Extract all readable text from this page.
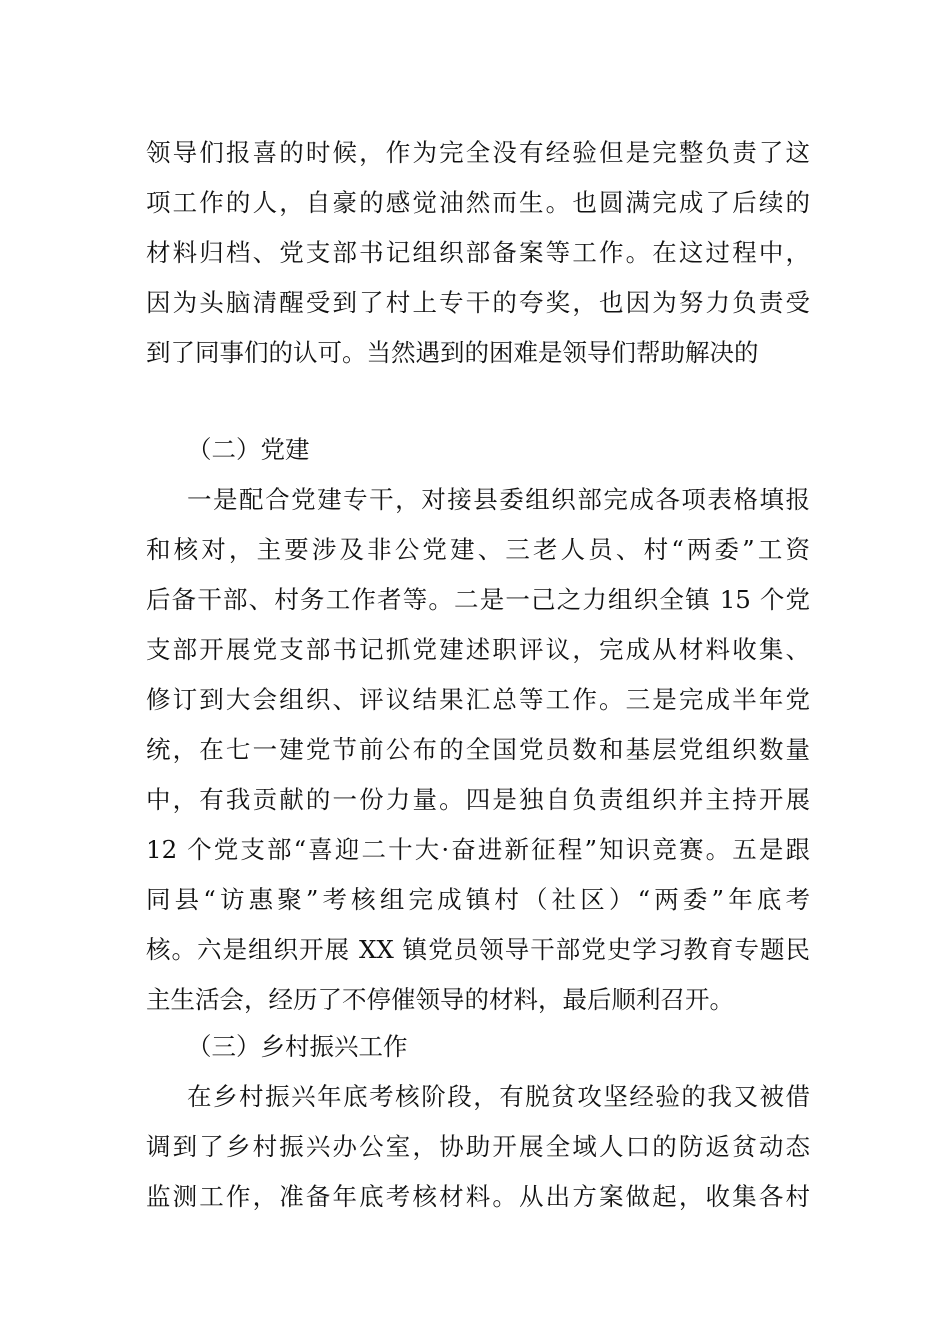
领导们报喜的时候，作为完全没有经验但是完整负责了这
项工作的人，自豪的感觉油然而生。也圆满完成了后续的
材料归档、党支部书记组织部备案等工作。在这过程中，
因为头脑清醒受到了村上专干的夸奖，也因为努力负责受
到了同事们的认可。当然遇到的困难是领导们帮助解决的
（二）党建
一是配合党建专干，对接县委组织部完成各项表格填报
和核对，主要涉及非公党建、三老人员、村“两委”工资
后备干部、村务工作者等。二是一己之力组织全镇 15 个党
支部开展党支部书记抓党建述职评议，完成从材料收集、
修订到大会组织、评议结果汇总等工作。三是完成半年党
统，在七一建党节前公布的全国党员数和基层党组织数量
中，有我贡献的一份力量。四是独自负责组织并主持开展
12 个党支部“喜迎二十大·奋进新征程”知识竞赛。五是跟
同县“访惠聚”考核组完成镇村（社区）“两委”年底考
核。六是组织开展 XX 镇党员领导干部党史学习教育专题民
主生活会，经历了不停催领导的材料，最后顺利召开。
（三）乡村振兴工作
在乡村振兴年底考核阶段，有脱贫攻坚经验的我又被借
调到了乡村振兴办公室，协助开展全域人口的防返贫动态
监测工作，准备年底考核材料。从出方案做起，收集各村
